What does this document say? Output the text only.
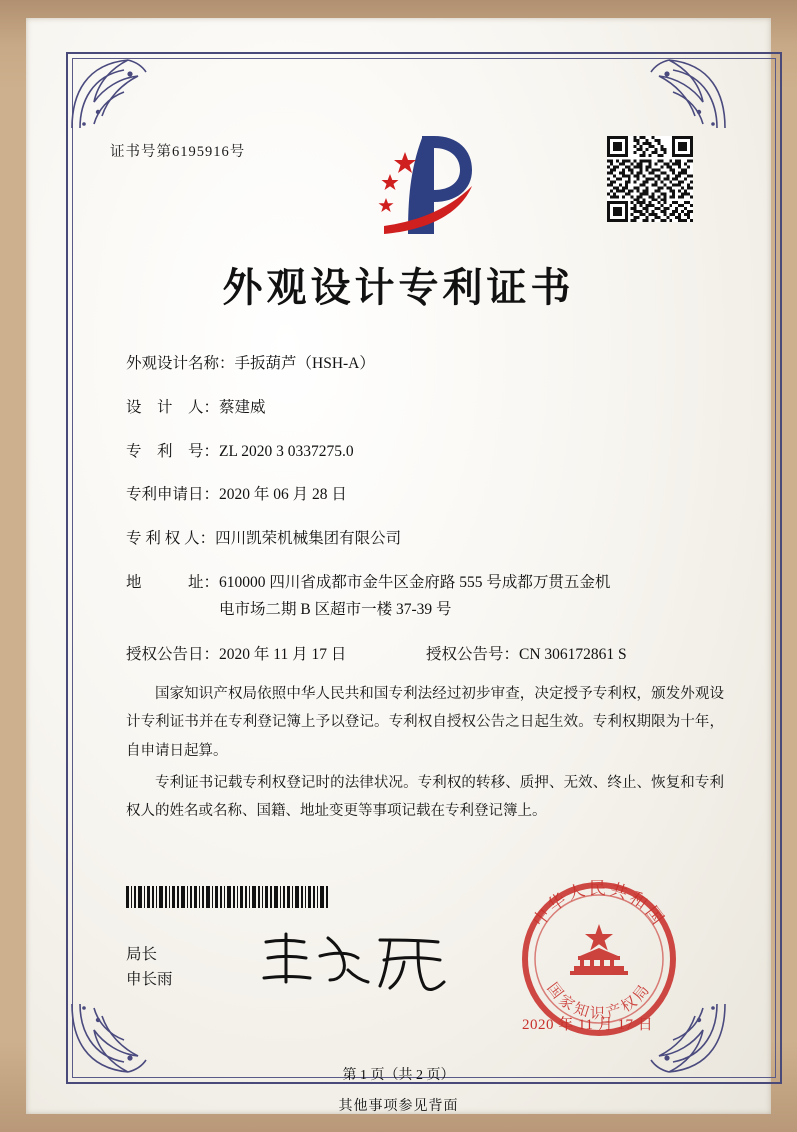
证书号第6195916号
外观设计专利证书
外观设计名称： 手扳葫芦（HSH-A）
设　计　人： 蔡建威
专　利　号： ZL 2020 3 0337275.0
专利申请日： 2020 年 06 月 28 日
专 利 权 人： 四川凯荣机械集团有限公司
地　　　址： 610000 四川省成都市金牛区金府路 555 号成都万贯五金机
电市场二期 B 区超市一楼 37-39 号
授权公告日：2020 年 11 月 17 日	授权公告号：CN 306172861 S

国家知识产权局依照中华人民共和国专利法经过初步审查，决定授予专利权，颁发外观设计专利证书并在专利登记簿上予以登记。专利权自授权公告之日起生效。专利权期限为十年，自申请日起算。

专利证书记载专利权登记时的法律状况。专利权的转移、质押、无效、终止、恢复和专利权人的姓名或名称、国籍、地址变更等事项记载在专利登记簿上。

局长
申长雨
中华人民共和国
国家知识产权局
2020 年 11 月 17 日
第 1 页（共 2 页）
其他事项参见背面
